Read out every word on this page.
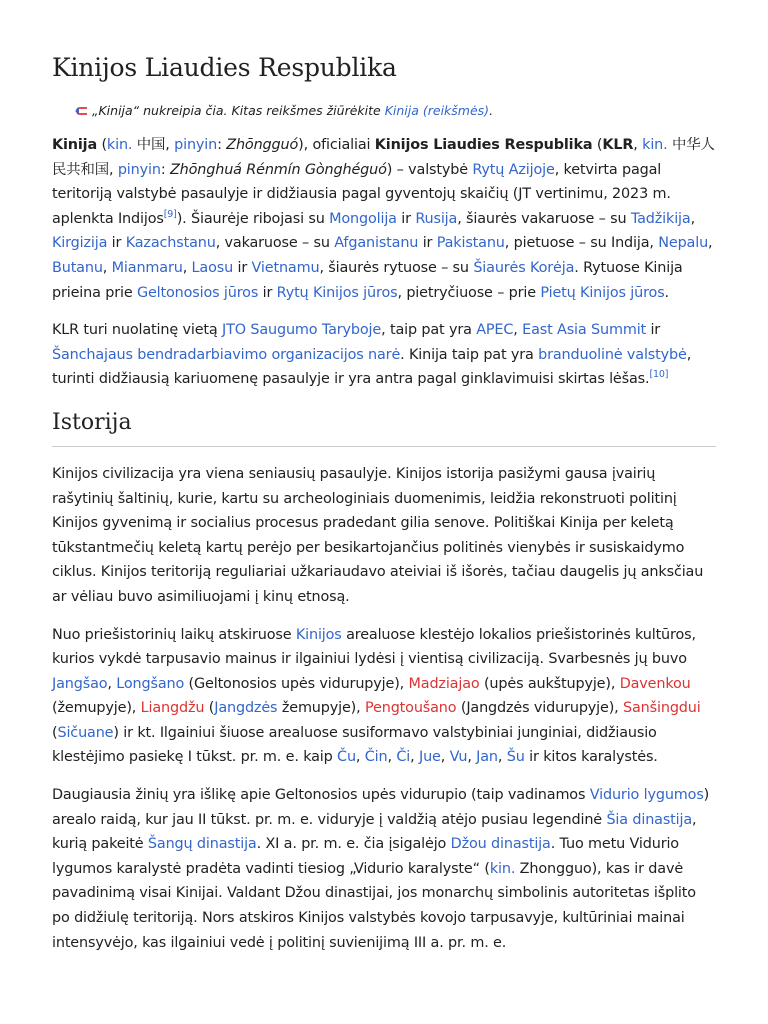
Kinijos Liaudies Respublika
„Kinija“ nukreipia čia. Kitas reikšmes žiūrėkite
Kinija (reikšmės) .

Kinija (kin. 中国, pinyin: Zhōngguó), oficialiai Kinijos Liaudies Respublika (KLR, kin. 中华人民共和国, pinyin: Zhōnghuá Rénmín Gònghéguó) – valstybė Rytų Azijoje, ketvirta pagal teritoriją valstybė pasaulyje ir didžiausia pagal gyventojų skaičių (JT vertinimu, 2023 m. aplenkta Indijos[9]). Šiaurėje ribojasi su Mongolija ir Rusija, šiaurės vakaruose – su Tadžikija, Kirgizija ir Kazachstanu, vakaruose – su Afganistanu ir Pakistanu, pietuose – su Indija, Nepalu, Butanu, Mianmaru, Laosu ir Vietnamu, šiaurės rytuose – su Šiaurės Korėja. Rytuose Kinija prieina prie Geltonosios jūros ir Rytų Kinijos jūros, pietryčiuose – prie Pietų Kinijos jūros.

KLR turi nuolatinę vietą JTO Saugumo Taryboje, taip pat yra APEC, East Asia Summit ir Šanchajaus bendradarbiavimo organizacijos narė. Kinija taip pat yra branduolinė valstybė, turinti didžiausią kariuomenę pasaulyje ir yra antra pagal ginklavimuisi skirtas lėšas.[10]

Istorija

Kinijos civilizacija yra viena seniausių pasaulyje. Kinijos istorija pasižymi gausa įvairių rašytinių šaltinių, kurie, kartu su archeologiniais duomenimis, leidžia rekonstruoti politinį Kinijos gyvenimą ir socialius procesus pradedant gilia senove. Politiškai Kinija per keletą tūkstantmečių keletą kartų perėjo per besikartojančius politinės vienybės ir susiskaidymo ciklus. Kinijos teritoriją reguliariai užkariaudavo ateiviai iš išorės, tačiau daugelis jų anksčiau ar vėliau buvo asimiliuojami į kinų etnosą.

Nuo priešistorinių laikų atskiruose Kinijos arealuose klestėjo lokalios priešistorinės kultūros, kurios vykdė tarpusavio mainus ir ilgainiui lydėsi į vientisą civilizaciją. Svarbesnės jų buvo Jangšao, Longšano (Geltonosios upės vidurupyje), Madziajao (upės aukštupyje), Davenkou (žemupyje), Liangdžu (Jangdzės žemupyje), Pengtoušano (Jangdzės vidurupyje), Sanšingdui (Sičuane) ir kt. Ilgainiui šiuose arealuose susiformavo valstybiniai junginiai, didžiausio klestėjimo pasiekę I tūkst. pr. m. e. kaip Ču, Čin, Či, Jue, Vu, Jan, Šu ir kitos karalystės.

Daugiausia žinių yra išlikę apie Geltonosios upės vidurupio (taip vadinamos Vidurio lygumos) arealo raidą, kur jau II tūkst. pr. m. e. viduryje į valdžią atėjo pusiau legendinė Šia dinastija, kurią pakeitė Šangų dinastija. XI a. pr. m. e. čia įsigalėjo Džou dinastija. Tuo metu Vidurio lygumos karalystė pradėta vadinti tiesiog „Vidurio karalyste“ (kin. Zhongguo), kas ir davė pavadinimą visai Kinijai. Valdant Džou dinastijai, jos monarchų simbolinis autoritetas išplito po didžiulę teritoriją. Nors atskiros Kinijos valstybės kovojo tarpusavyje, kultūriniai mainai intensyvėjo, kas ilgainiui vedė į politinį suvienijimą III a. pr. m. e.
